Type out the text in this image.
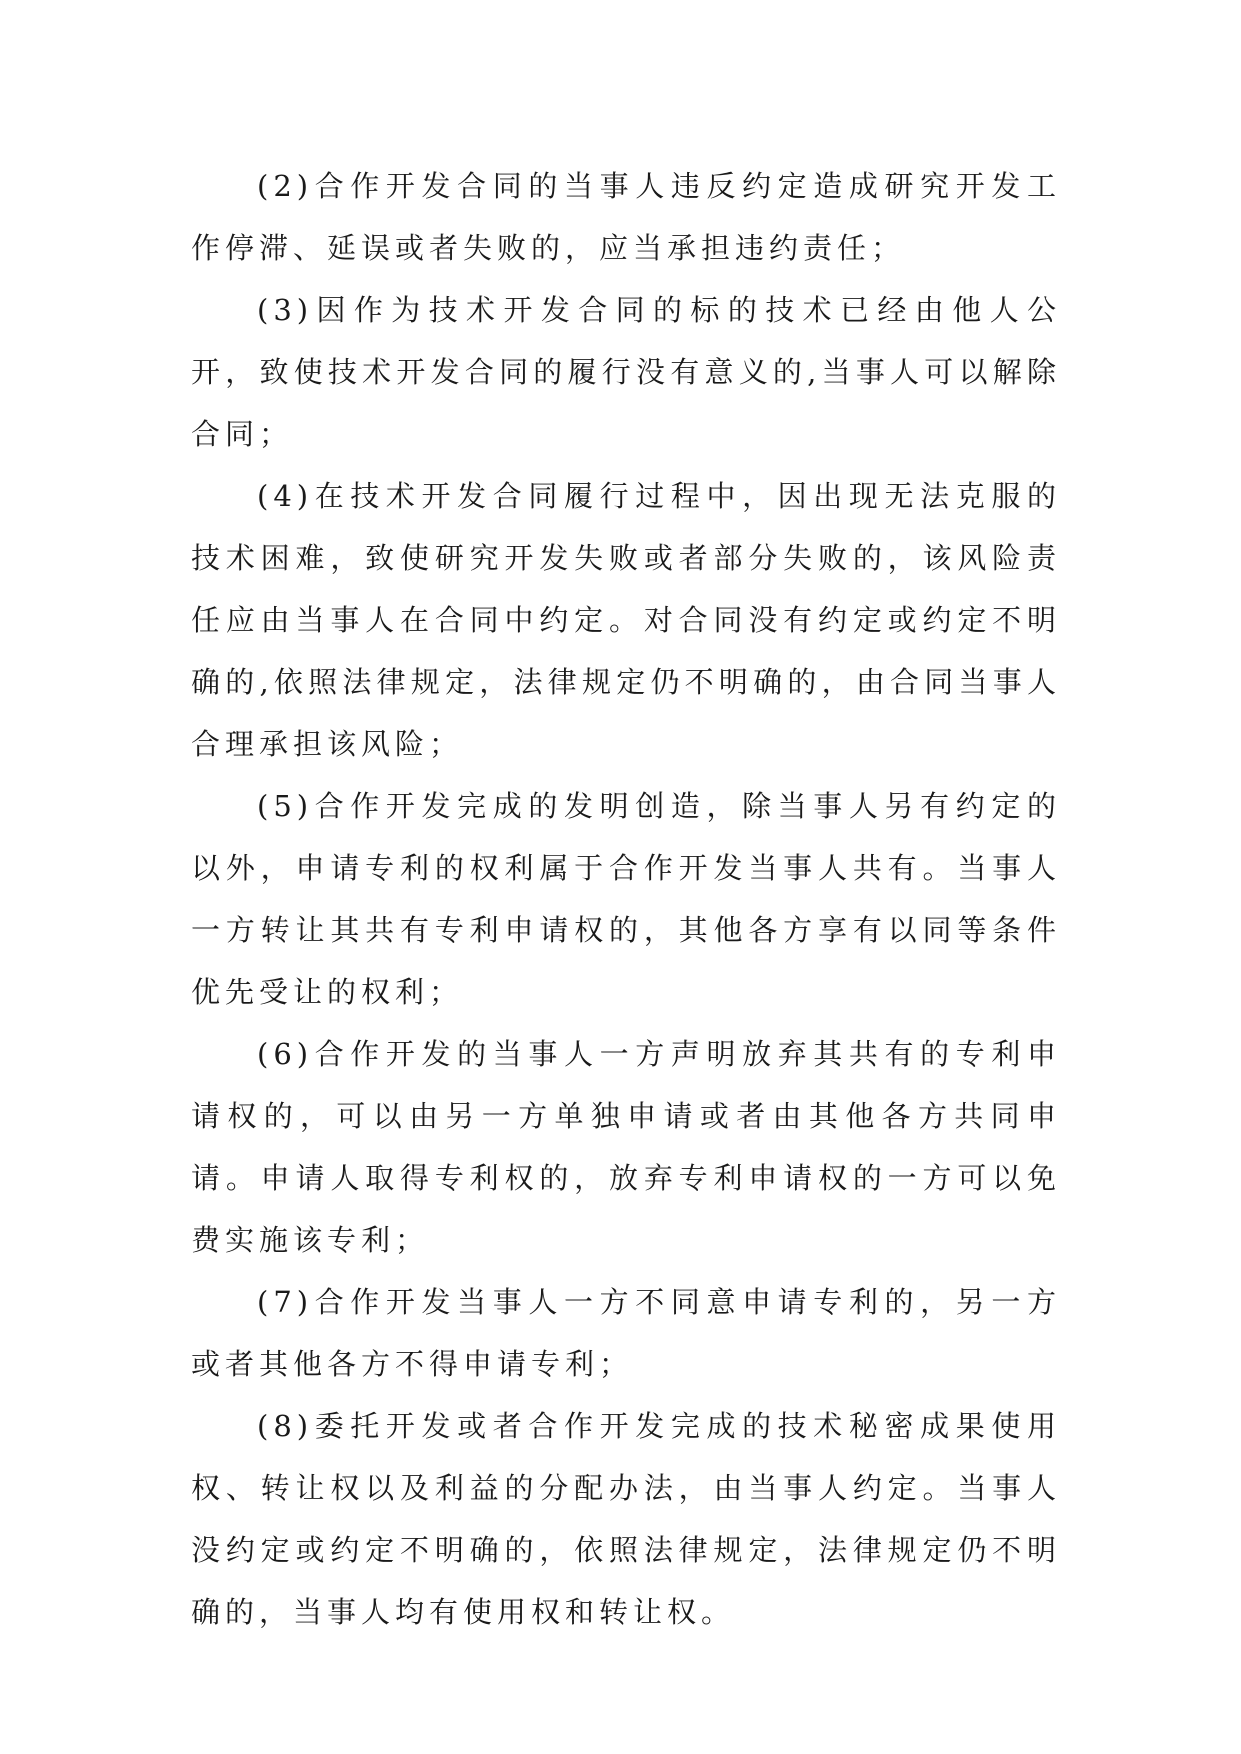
(2)合作开发合同的当事人违反约定造成研究开发工作停滞、延误或者失败的，应当承担违约责任；

(3)因作为技术开发合同的标的技术已经由他人公开，致使技术开发合同的履行没有意义的,当事人可以解除合同；

(4)在技术开发合同履行过程中，因出现无法克服的技术困难，致使研究开发失败或者部分失败的，该风险责任应由当事人在合同中约定。对合同没有约定或约定不明确的,依照法律规定，法律规定仍不明确的，由合同当事人合理承担该风险；

(5)合作开发完成的发明创造，除当事人另有约定的以外，申请专利的权利属于合作开发当事人共有。当事人一方转让其共有专利申请权的，其他各方享有以同等条件优先受让的权利；

(6)合作开发的当事人一方声明放弃其共有的专利申请权的，可以由另一方单独申请或者由其他各方共同申请。申请人取得专利权的，放弃专利申请权的一方可以免费实施该专利；

(7)合作开发当事人一方不同意申请专利的，另一方或者其他各方不得申请专利；

(8)委托开发或者合作开发完成的技术秘密成果使用权、转让权以及利益的分配办法，由当事人约定。当事人没约定或约定不明确的，依照法律规定，法律规定仍不明确的，当事人均有使用权和转让权。
